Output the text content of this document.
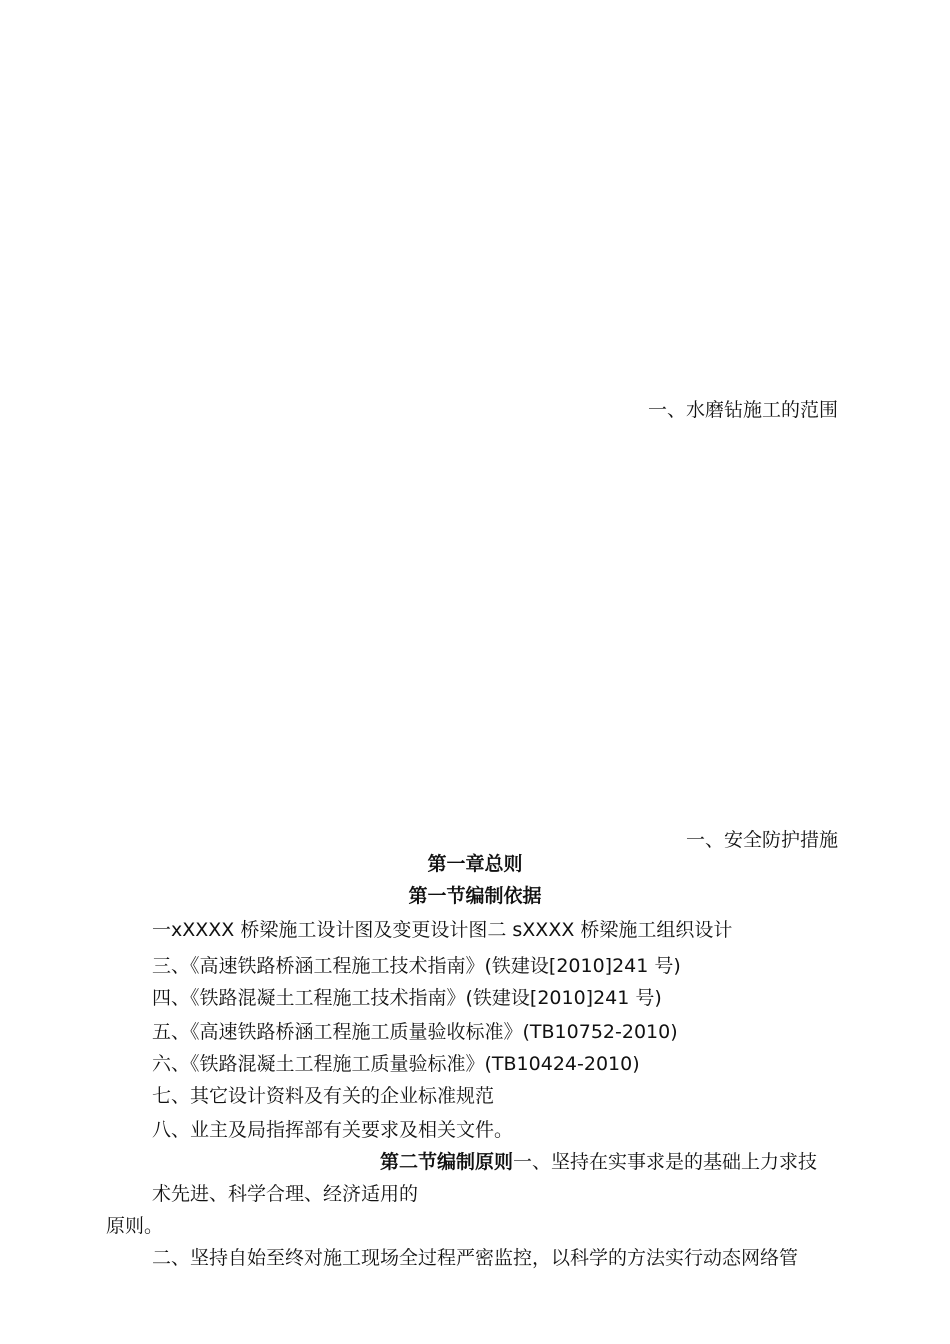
一、水磨钻施工的范围
一、安全防护措施
第一章总则
第一节编制依据
一xXXXX 桥梁施工设计图及变更设计图二 sXXXX 桥梁施工组织设计
三、《高速铁路桥涵工程施工技术指南》(铁建设[2010]241 号)
四、《铁路混凝土工程施工技术指南》(铁建设[2010]241 号)
五、《高速铁路桥涵工程施工质量验收标准》(TB10752-2010)
六、《铁路混凝土工程施工质量验标准》(TB10424-2010)
七、其它设计资料及有关的企业标准规范
八、业主及局指挥部有关要求及相关文件。
第二节编制原则一、坚持在实事求是的基础上力求技
术先进、科学合理、经济适用的
原则。
二、坚持自始至终对施工现场全过程严密监控，以科学的方法实行动态网络管
